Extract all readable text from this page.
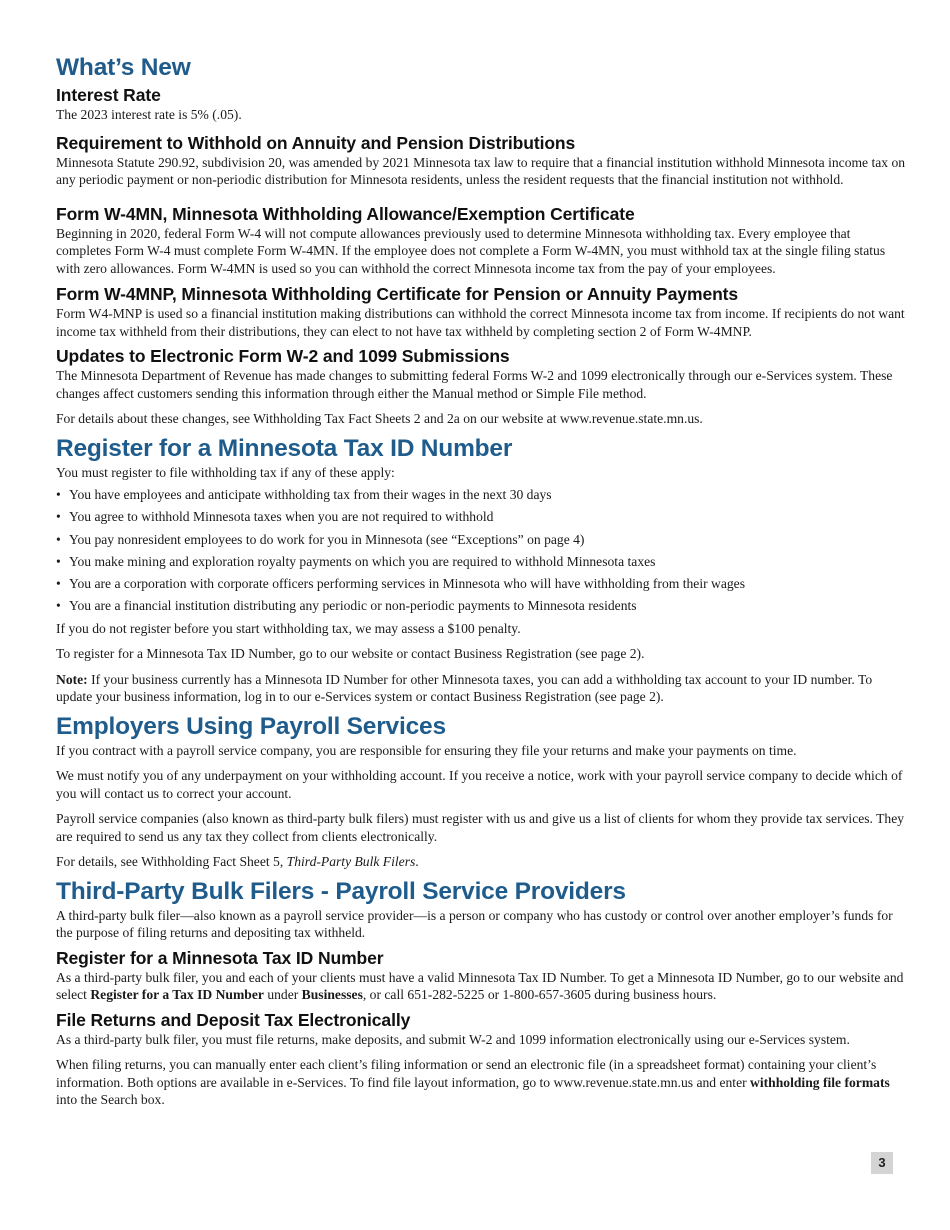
What’s New
Interest Rate

The 2023 interest rate is 5% (.05).

Requirement to Withhold on Annuity and Pension Distributions

Minnesota Statute 290.92, subdivision 20, was amended by 2021 Minnesota tax law to require that a financial institution withhold Minnesota income tax on any periodic payment or non-periodic distribution for Minnesota residents, unless the resident requests that the financial institution not withhold.

Form W-4MN, Minnesota Withholding Allowance/Exemption Certificate

Beginning in 2020, federal Form W-4 will not compute allowances previously used to determine Minnesota withholding tax. Every employee that completes Form W-4 must complete Form W-4MN. If the employee does not complete a Form W-4MN, you must withhold tax at the single filing status with zero allowances. Form W-4MN is used so you can withhold the correct Minnesota income tax from the pay of your employees.

Form W-4MNP, Minnesota Withholding Certificate for Pension or Annuity Payments

Form W4-MNP is used so a financial institution making distributions can withhold the correct Minnesota income tax from income. If recipients do not want income tax withheld from their distributions, they can elect to not have tax withheld by completing section 2 of Form W-4MNP.

Updates to Electronic Form W-2 and 1099 Submissions

The Minnesota Department of Revenue has made changes to submitting federal Forms W-2 and 1099 electronically through our e-Services system. These changes affect customers sending this information through either the Manual method or Simple File method.

For details about these changes, see Withholding Tax Fact Sheets 2 and 2a on our website at www.revenue.state.mn.us.

Register for a Minnesota Tax ID Number

You must register to file withholding tax if any of these apply:

• You have employees and anticipate withholding tax from their wages in the next 30 days
• You agree to withhold Minnesota taxes when you are not required to withhold
• You pay nonresident employees to do work for you in Minnesota (see “Exceptions” on page 4)
• You make mining and exploration royalty payments on which you are required to withhold Minnesota taxes
• You are a corporation with corporate officers performing services in Minnesota who will have withholding from their wages
• You are a financial institution distributing any periodic or non-periodic payments to Minnesota residents

If you do not register before you start withholding tax, we may assess a $100 penalty.

To register for a Minnesota Tax ID Number, go to our website or contact Business Registration (see page 2).

Note: If your business currently has a Minnesota ID Number for other Minnesota taxes, you can add a withholding tax account to your ID number. To update your business information, log in to our e-Services system or contact Business Registration (see page 2).

Employers Using Payroll Services

If you contract with a payroll service company, you are responsible for ensuring they file your returns and make your payments on time.

We must notify you of any underpayment on your withholding account. If you receive a notice, work with your payroll service company to decide which of you will contact us to correct your account.

Payroll service companies (also known as third-party bulk filers) must register with us and give us a list of clients for whom they provide tax services. They are required to send us any tax they collect from clients electronically.

For details, see Withholding Fact Sheet 5, Third-Party Bulk Filers.

Third-Party Bulk Filers - Payroll Service Providers

A third-party bulk filer—also known as a payroll service provider—is a person or company who has custody or control over another employer’s funds for the purpose of filing returns and depositing tax withheld.

Register for a Minnesota Tax ID Number

As a third-party bulk filer, you and each of your clients must have a valid Minnesota Tax ID Number. To get a Minnesota ID Number, go to our website and select Register for a Tax ID Number under Businesses, or call 651-282-5225 or 1-800-657-3605 during business hours.

File Returns and Deposit Tax Electronically

As a third-party bulk filer, you must file returns, make deposits, and submit W-2 and 1099 information electronically using our e-Services system.

When filing returns, you can manually enter each client’s filing information or send an electronic file (in a spreadsheet format) containing your client’s information. Both options are available in e-Services. To find file layout information, go to www.revenue.state.mn.us and enter withholding file formats into the Search box.

3
